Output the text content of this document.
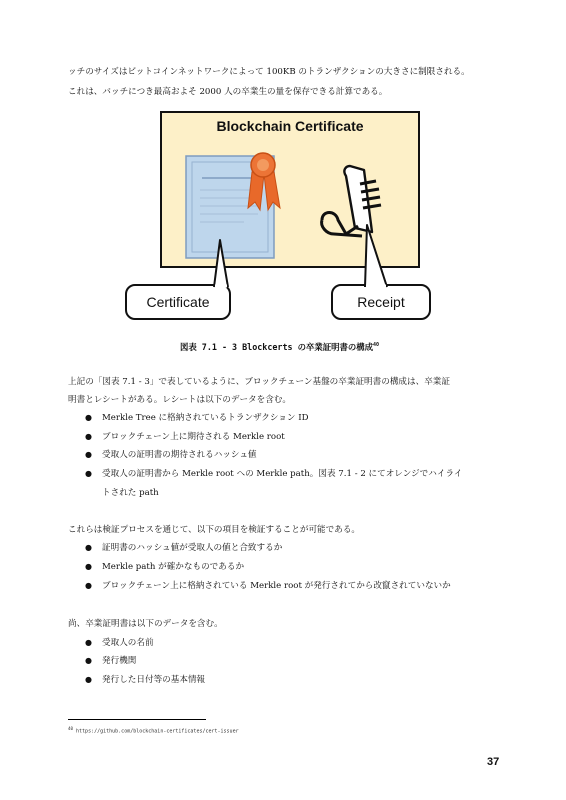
ッチのサイズはビットコインネットワークによって 100KB のトランザクションの大きさに制限される。
これは、バッチにつき最高およそ 2000 人の卒業生の量を保存できる計算である。
Blockchain Certificate
Certificate	Receipt
図表 7.1 - 3 Blockcerts の卒業証明書の構成$^{40}$
上記の「図表 7.1 - 3」で表しているように、ブロックチェーン基盤の卒業証明書の構成は、卒業証
明書とレシートがある。レシートは以下のデータを含む。
● Merkle Tree に格納されているトランザクション ID
● ブロックチェーン上に期待される Merkle root
● 受取人の証明書の期待されるハッシュ値
● 受取人の証明書から Merkle root への Merkle path。図表 7.1 - 2 にてオレンジでハイライ
トされた path
これらは検証プロセスを通じて、以下の項目を検証することが可能である。
● 証明書のハッシュ値が受取人の値と合致するか
● Merkle path が確かなものであるか
● ブロックチェーン上に格納されている Merkle root が発行されてから改竄されていないか
尚、卒業証明書は以下のデータを含む。
● 受取人の名前
● 発行機関
● 発行した日付等の基本情報
$^{40}$ https://github.com/blockchain-certificates/cert-issuer
37
